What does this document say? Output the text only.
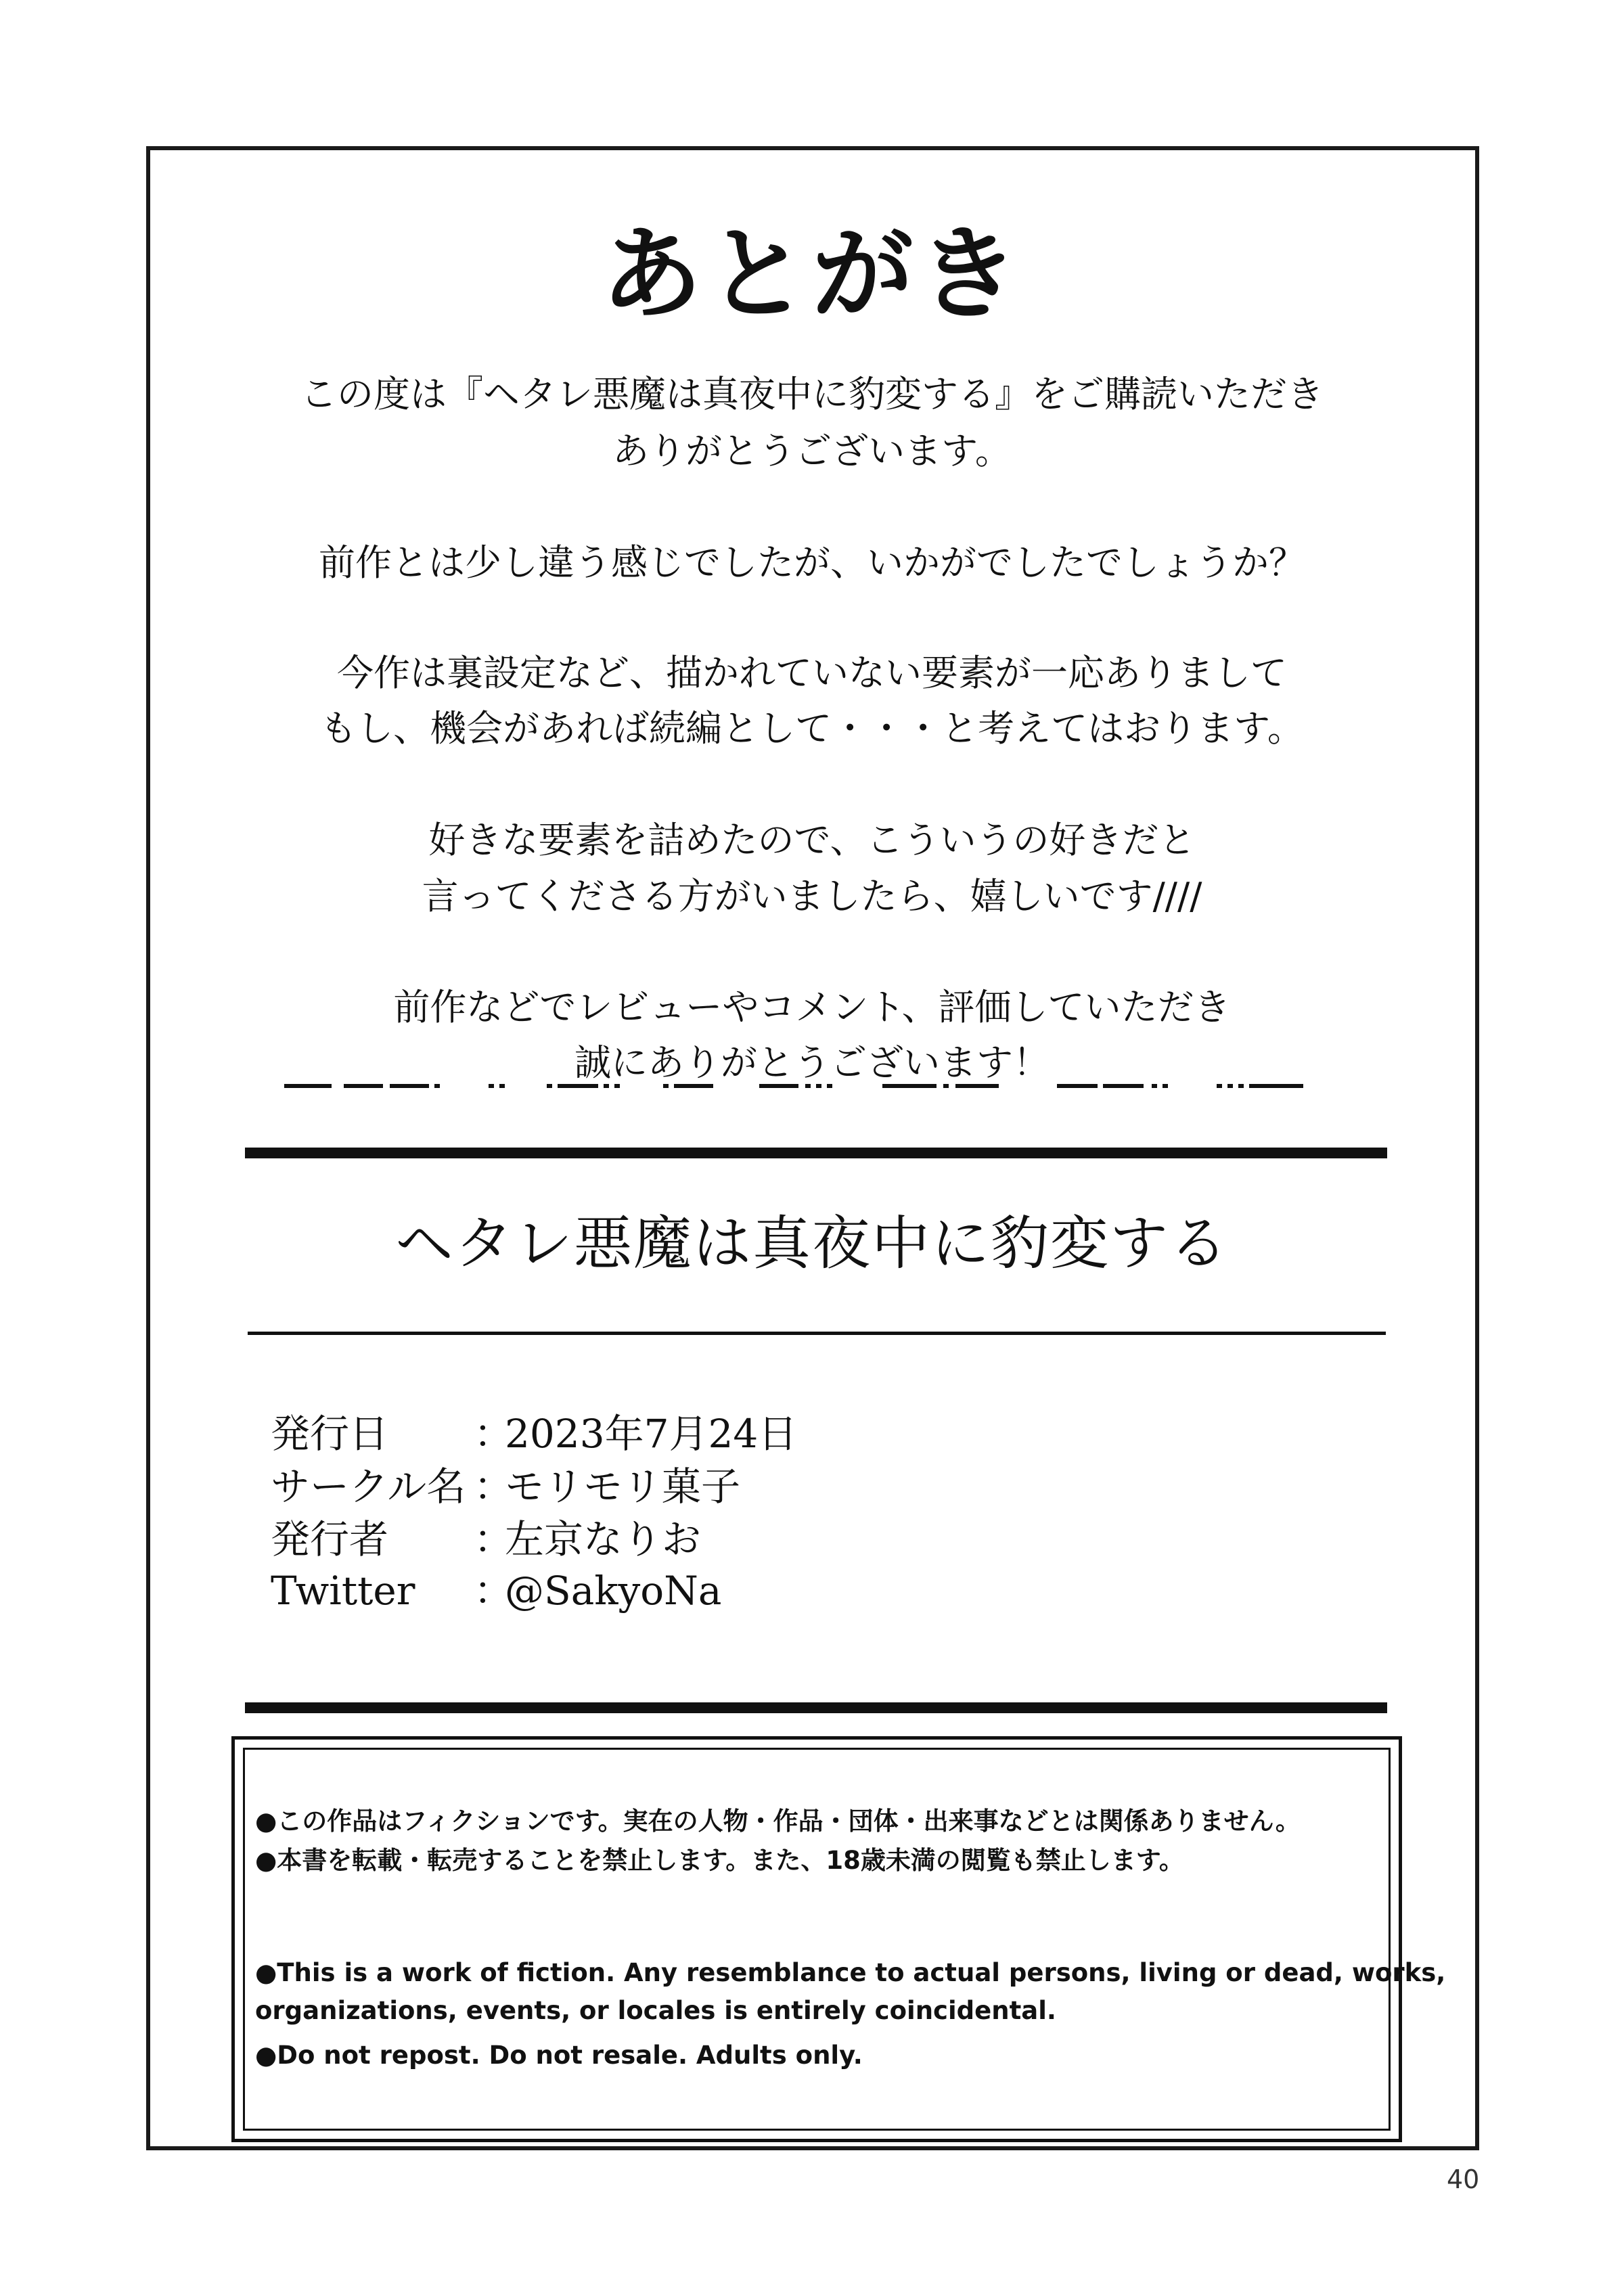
あとがき
この度は『ヘタレ悪魔は真夜中に豹変する』をご購読いただき
ありがとうございます。
前作とは少し違う感じでしたが、いかがでしたでしょうか？
今作は裏設定など、描かれていない要素が一応ありまして
もし、機会があれば続編として・・・と考えてはおります。
好きな要素を詰めたので、こういうの好きだと
言ってくださる方がいましたら、嬉しいです////
前作などでレビューやコメント、評価していただき
誠にありがとうございます！
ヘタレ悪魔は真夜中に豹変する
発行日 ：
2023年7月24日
サークル名 ：
モリモリ菓子
発行者 ：
左京なりお
Twitter ：
@SakyoNa
●この作品はフィクションです。実在の人物・作品・団体・出来事などとは関係ありません。
●本書を転載・転売することを禁止します。また、18歳未満の閲覧も禁止します。
●This is a work of fiction. Any resemblance to actual persons, living or dead, works,
organizations, events, or locales is entirely coincidental.
●Do not repost. Do not resale. Adults only.
40
